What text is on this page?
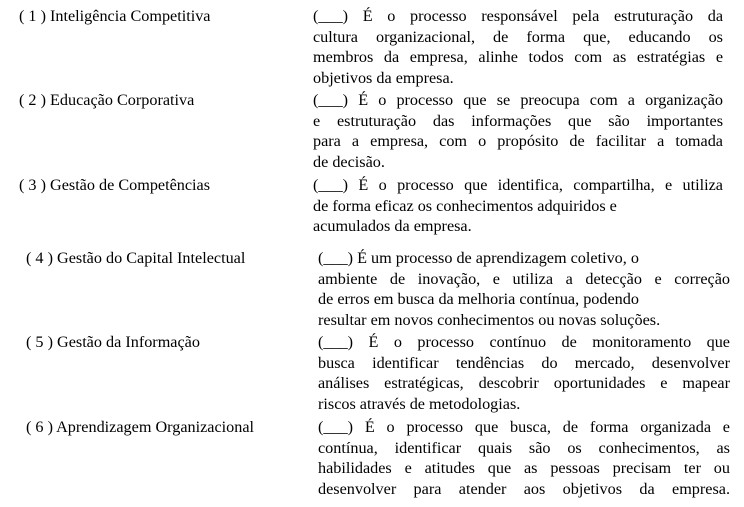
( 1 ) Inteligência Competitiva	(___) É o processo responsável pela estruturação da
cultura organizacional, de forma que, educando os
membros da empresa, alinhe todos com as estratégias e
objetivos da empresa.
( 2 ) Educação Corporativa	(___) É o processo que se preocupa com a organização
e estruturação das informações que são importantes
para a empresa, com o propósito de facilitar a tomada
de decisão.
( 3 ) Gestão de Competências	(___) É o processo que identifica, compartilha, e utiliza
de forma eficaz os conhecimentos adquiridos e
acumulados da empresa.
( 4 ) Gestão do Capital Intelectual	(___) É um processo de aprendizagem coletivo, o
ambiente de inovação, e utiliza a detecção e correção
de erros em busca da melhoria contínua, podendo
resultar em novos conhecimentos ou novas soluções.
( 5 ) Gestão da Informação	(___) É o processo contínuo de monitoramento que
busca identificar tendências do mercado, desenvolver
análises estratégicas, descobrir oportunidades e mapear
riscos através de metodologias.
( 6 ) Aprendizagem Organizacional	(___) É o processo que busca, de forma organizada e
contínua, identificar quais são os conhecimentos, as
habilidades e atitudes que as pessoas precisam ter ou
desenvolver para atender aos objetivos da empresa.
